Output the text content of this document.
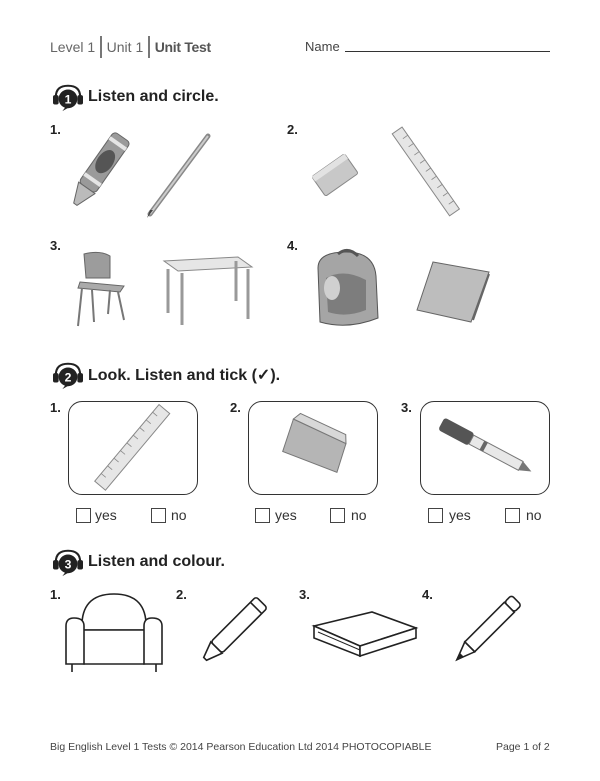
Level 1 Unit 1 Unit Test	Name
1 Listen and circle.
1.	2.
3.	4.
2 Look. Listen and tick (✓).
1.
yes	no
2.
yes	no
3.
yes	no
3 Listen and colour.
1.	2.	3.	4.
Big English Level 1 Tests © 2014 Pearson Education Ltd 2014 PHOTOCOPIABLE	Page 1 of 2
